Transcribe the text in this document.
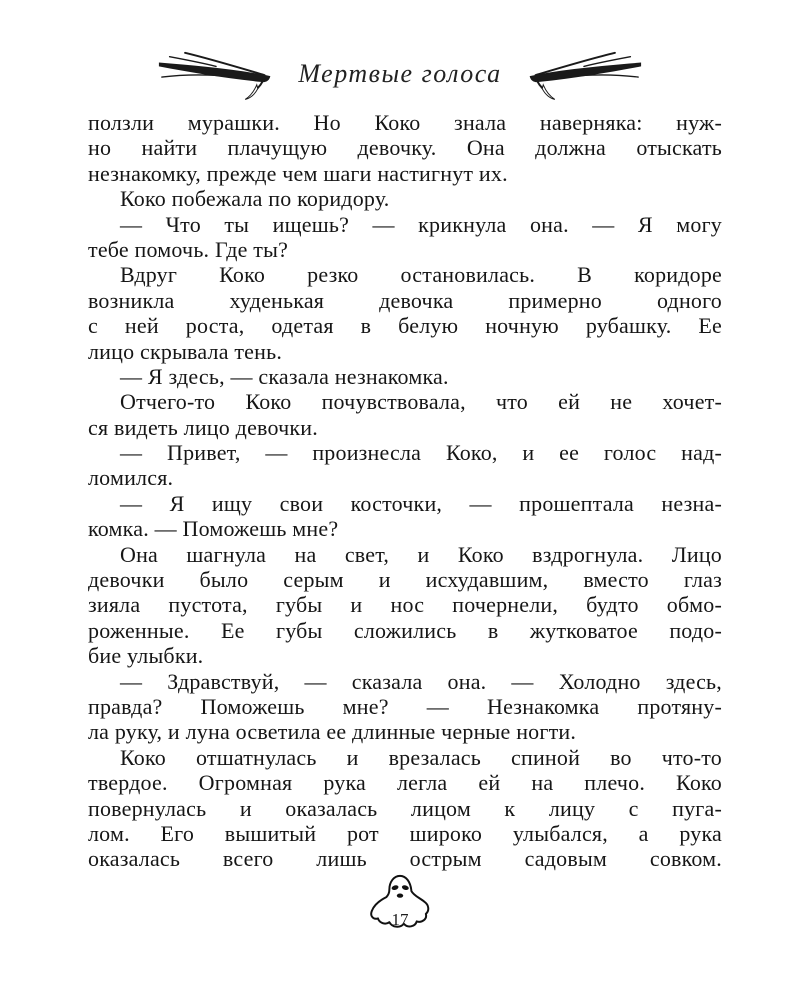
Мертвые голоса
ползли мурашки. Но Коко знала наверняка: нуж-
но найти плачущую девочку. Она должна отыскать
незнакомку, прежде чем шаги настигнут их.
Коко побежала по коридору.
— Что ты ищешь? — крикнула она. — Я могу
тебе помочь. Где ты?
Вдруг Коко резко остановилась. В коридоре
возникла худенькая девочка примерно одного
с ней роста, одетая в белую ночную рубашку. Ее
лицо скрывала тень.
— Я здесь, — сказала незнакомка.
Отчего-то Коко почувствовала, что ей не хочет-
ся видеть лицо девочки.
— Привет, — произнесла Коко, и ее голос над-
ломился.
— Я ищу свои косточки, — прошептала незна-
комка. — Поможешь мне?
Она шагнула на свет, и Коко вздрогнула. Лицо
девочки было серым и исхудавшим, вместо глаз
зияла пустота, губы и нос почернели, будто обмо-
роженные. Ее губы сложились в жутковатое подо-
бие улыбки.
— Здравствуй, — сказала она. — Холодно здесь,
правда? Поможешь мне? — Незнакомка протяну-
ла руку, и луна осветила ее длинные черные ногти.
Коко отшатнулась и врезалась спиной во что-то
твердое. Огромная рука легла ей на плечо. Коко
повернулась и оказалась лицом к лицу с пуга-
лом. Его вышитый рот широко улыбался, а рука
оказалась всего лишь острым садовым совком.
17
